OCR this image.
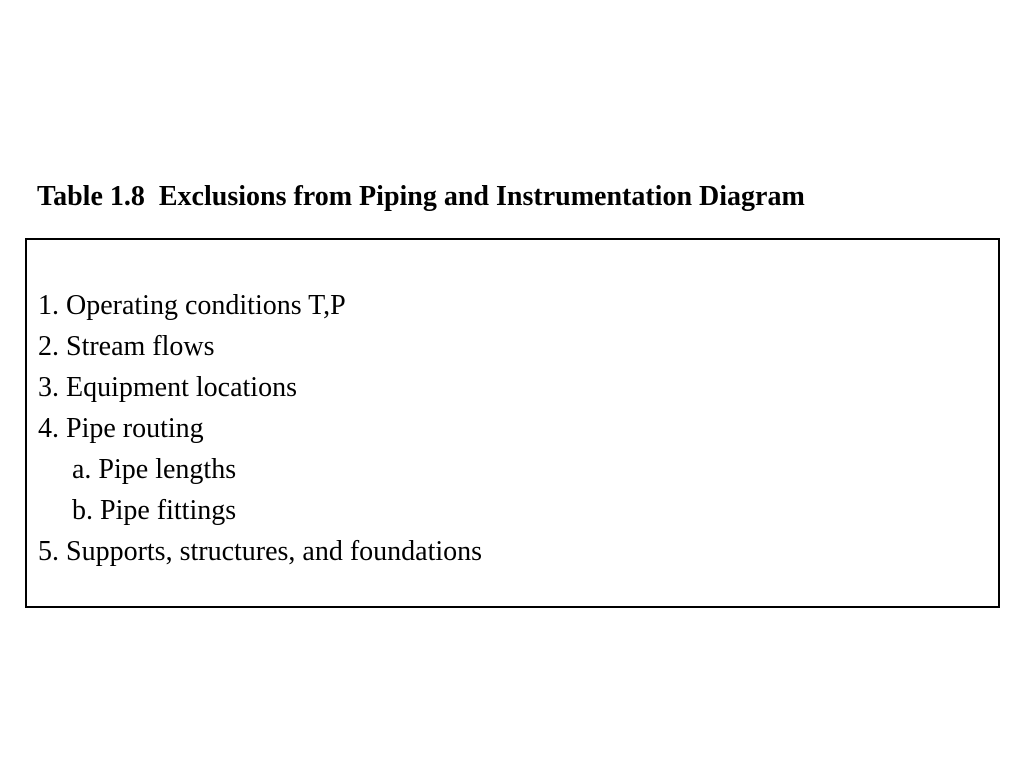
Table 1.8  Exclusions from Piping and Instrumentation Diagram
1. Operating conditions T,P
2. Stream flows
3. Equipment locations
4. Pipe routing
a. Pipe lengths
b. Pipe fittings
5. Supports, structures, and foundations
